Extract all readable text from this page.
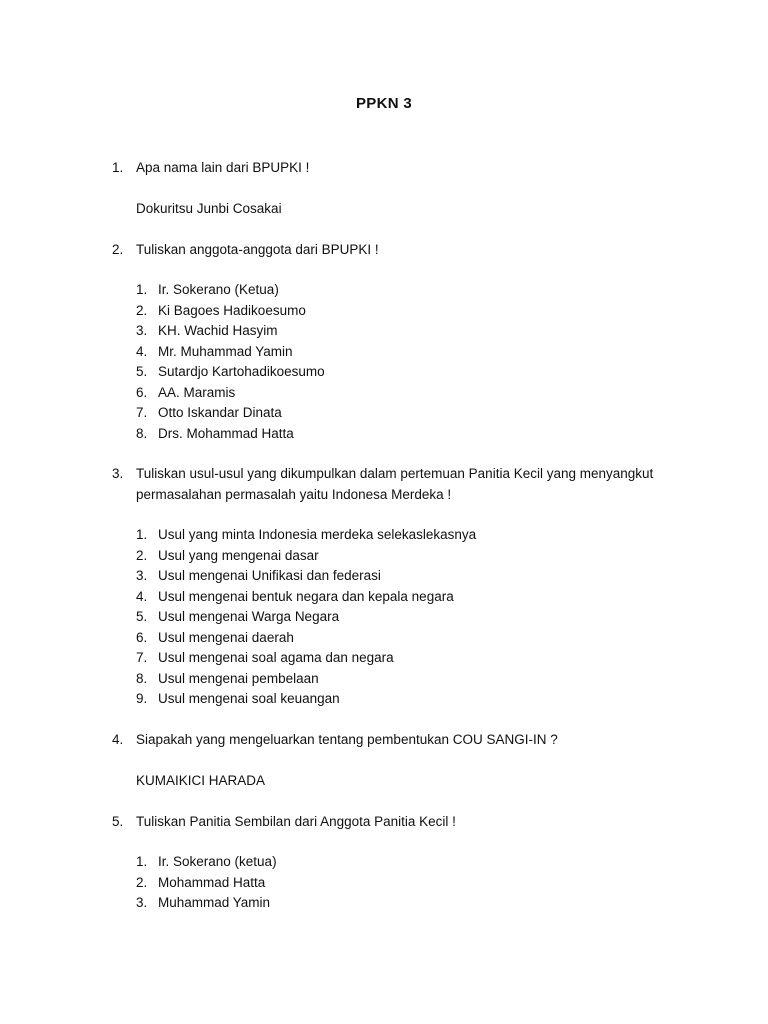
PPKN 3
1. Apa nama lain dari BPUPKI !
Dokuritsu Junbi Cosakai
2. Tuliskan anggota-anggota dari BPUPKI !
1. Ir. Sokerano (Ketua)
2. Ki Bagoes Hadikoesumo
3. KH. Wachid Hasyim
4. Mr. Muhammad Yamin
5. Sutardjo Kartohadikoesumo
6. AA. Maramis
7. Otto Iskandar Dinata
8. Drs. Mohammad Hatta
3. Tuliskan usul-usul yang dikumpulkan dalam pertemuan Panitia Kecil yang menyangkut
permasalahan permasalah yaitu Indonesa Merdeka !
1. Usul yang minta Indonesia merdeka selekaslekasnya
2. Usul yang mengenai dasar
3. Usul mengenai Unifikasi dan federasi
4. Usul mengenai bentuk negara dan kepala negara
5. Usul mengenai Warga Negara
6. Usul mengenai daerah
7. Usul mengenai soal agama dan negara
8. Usul mengenai pembelaan
9. Usul mengenai soal keuangan
4. Siapakah yang mengeluarkan tentang pembentukan COU SANGI-IN ?
KUMAIKICI HARADA
5. Tuliskan Panitia Sembilan dari Anggota Panitia Kecil !
1. Ir. Sokerano (ketua)
2. Mohammad Hatta
3. Muhammad Yamin
